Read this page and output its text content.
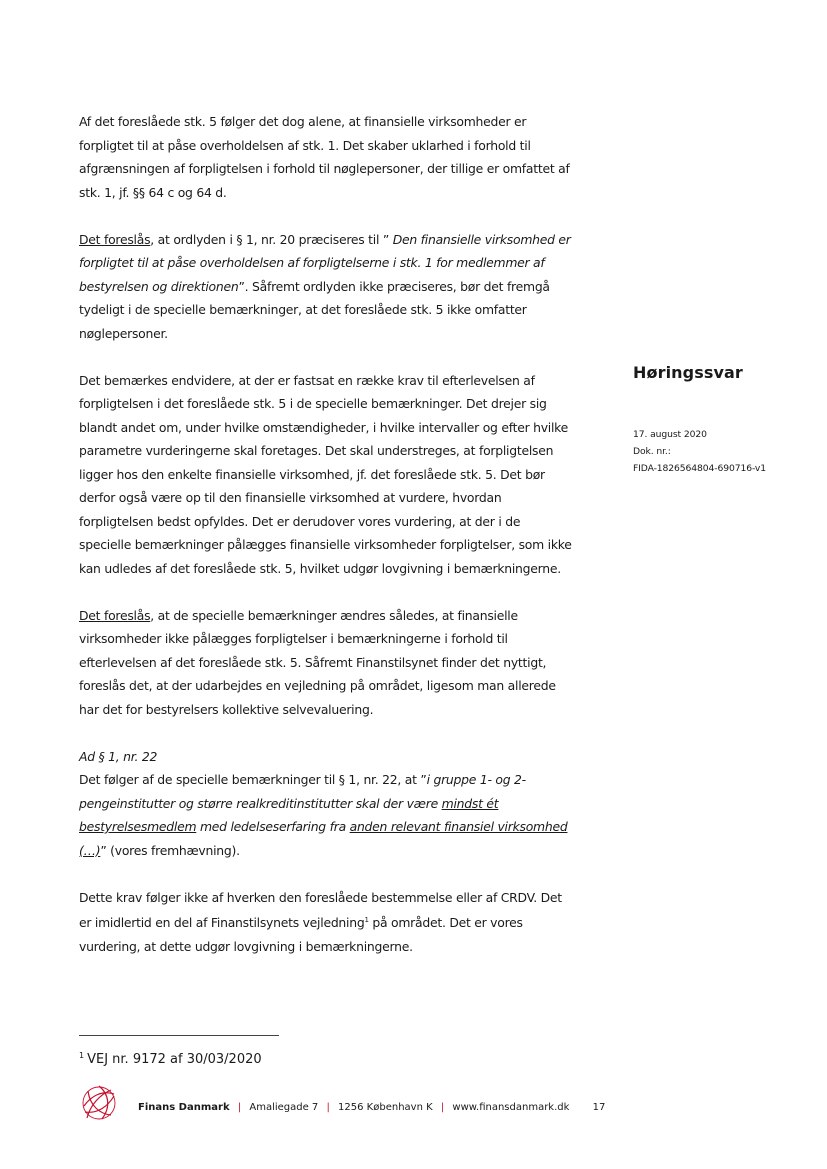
Af det foreslåede stk. 5 følger det dog alene, at finansielle virksomheder er forpligtet til at påse overholdelsen af stk. 1. Det skaber uklarhed i forhold til afgrænsningen af forpligtelsen i forhold til nøglepersoner, der tillige er omfattet af stk. 1, jf. §§ 64 c og 64 d.

Det foreslås, at ordlyden i § 1, nr. 20 præciseres til ” Den finansielle virksomhed er forpligtet til at påse overholdelsen af forpligtelserne i stk. 1 for medlemmer af bestyrelsen og direktionen”. Såfremt ordlyden ikke præciseres, bør det fremgå tydeligt i de specielle bemærkninger, at det foreslåede stk. 5 ikke omfatter nøglepersoner.

Det bemærkes endvidere, at der er fastsat en række krav til efterlevelsen af forpligtelsen i det foreslåede stk. 5 i de specielle bemærkninger. Det drejer sig blandt andet om, under hvilke omstændigheder, i hvilke intervaller og efter hvilke parametre vurderingerne skal foretages. Det skal understreges, at forpligtelsen ligger hos den enkelte finansielle virksomhed, jf. det foreslåede stk. 5. Det bør derfor også være op til den finansielle virksomhed at vurdere, hvordan forpligtelsen bedst opfyldes. Det er derudover vores vurdering, at der i de specielle bemærkninger pålægges finansielle virksomheder forpligtelser, som ikke kan udledes af det foreslåede stk. 5, hvilket udgør lovgivning i bemærkningerne.

Det foreslås, at de specielle bemærkninger ændres således, at finansielle virksomheder ikke pålægges forpligtelser i bemærkningerne i forhold til efterlevelsen af det foreslåede stk. 5. Såfremt Finanstilsynet finder det nyttigt, foreslås det, at der udarbejdes en vejledning på området, ligesom man allerede har det for bestyrelsers kollektive selvevaluering.

Ad § 1, nr. 22
Det følger af de specielle bemærkninger til § 1, nr. 22, at ”i gruppe 1- og 2-pengeinstitutter og større realkreditinstitutter skal der være mindst ét bestyrelsesmedlem med ledelseserfaring fra anden relevant finansiel virksomhed (…)” (vores fremhævning).

Dette krav følger ikke af hverken den foreslåede bestemmelse eller af CRDV. Det er imidlertid en del af Finanstilsynets vejledning$^1$ på området. Det er vores vurdering, at dette udgør lovgivning i bemærkningerne.

Høringssvar
17. august 2020
Dok. nr.:
FIDA-1826564804-690716-v1
$^1$ VEJ nr. 9172 af 30/03/2020
Finans Danmark | Amaliegade 7 | 1256 København K | www.finansdanmark.dk 17
